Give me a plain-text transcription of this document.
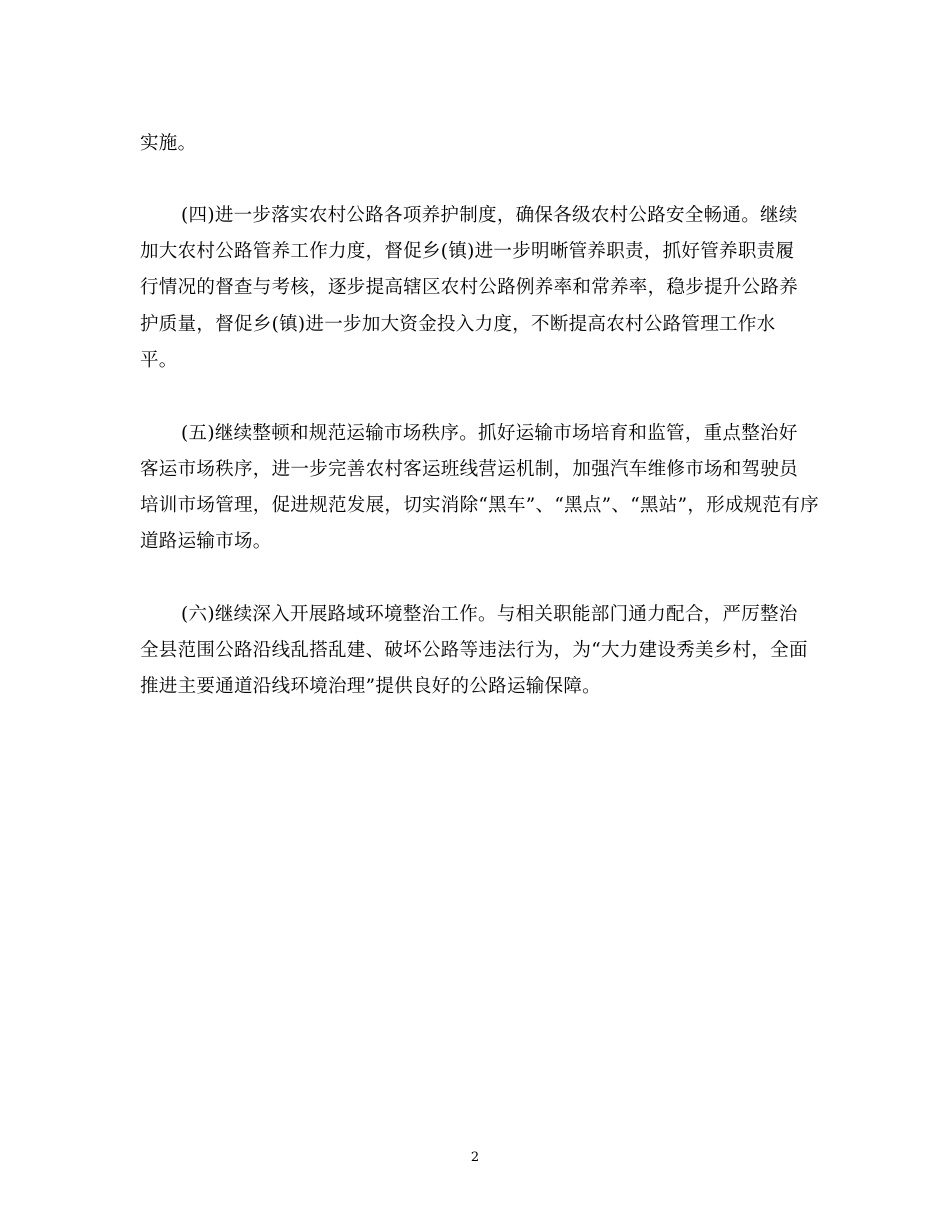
实施。
(四)进一步落实农村公路各项养护制度，确保各级农村公路安全畅通。继续
加大农村公路管养工作力度，督促乡(镇)进一步明晰管养职责，抓好管养职责履
行情况的督查与考核，逐步提高辖区农村公路例养率和常养率，稳步提升公路养
护质量，督促乡(镇)进一步加大资金投入力度，不断提高农村公路管理工作水
平。
(五)继续整顿和规范运输市场秩序。抓好运输市场培育和监管，重点整治好
客运市场秩序，进一步完善农村客运班线营运机制，加强汽车维修市场和驾驶员
培训市场管理，促进规范发展，切实消除“黑车”、“黑点”、“黑站”，形成规范有序
道路运输市场。
(六)继续深入开展路域环境整治工作。与相关职能部门通力配合，严厉整治
全县范围公路沿线乱搭乱建、破坏公路等违法行为，为“大力建设秀美乡村，全面
推进主要通道沿线环境治理”提供良好的公路运输保障。
2
